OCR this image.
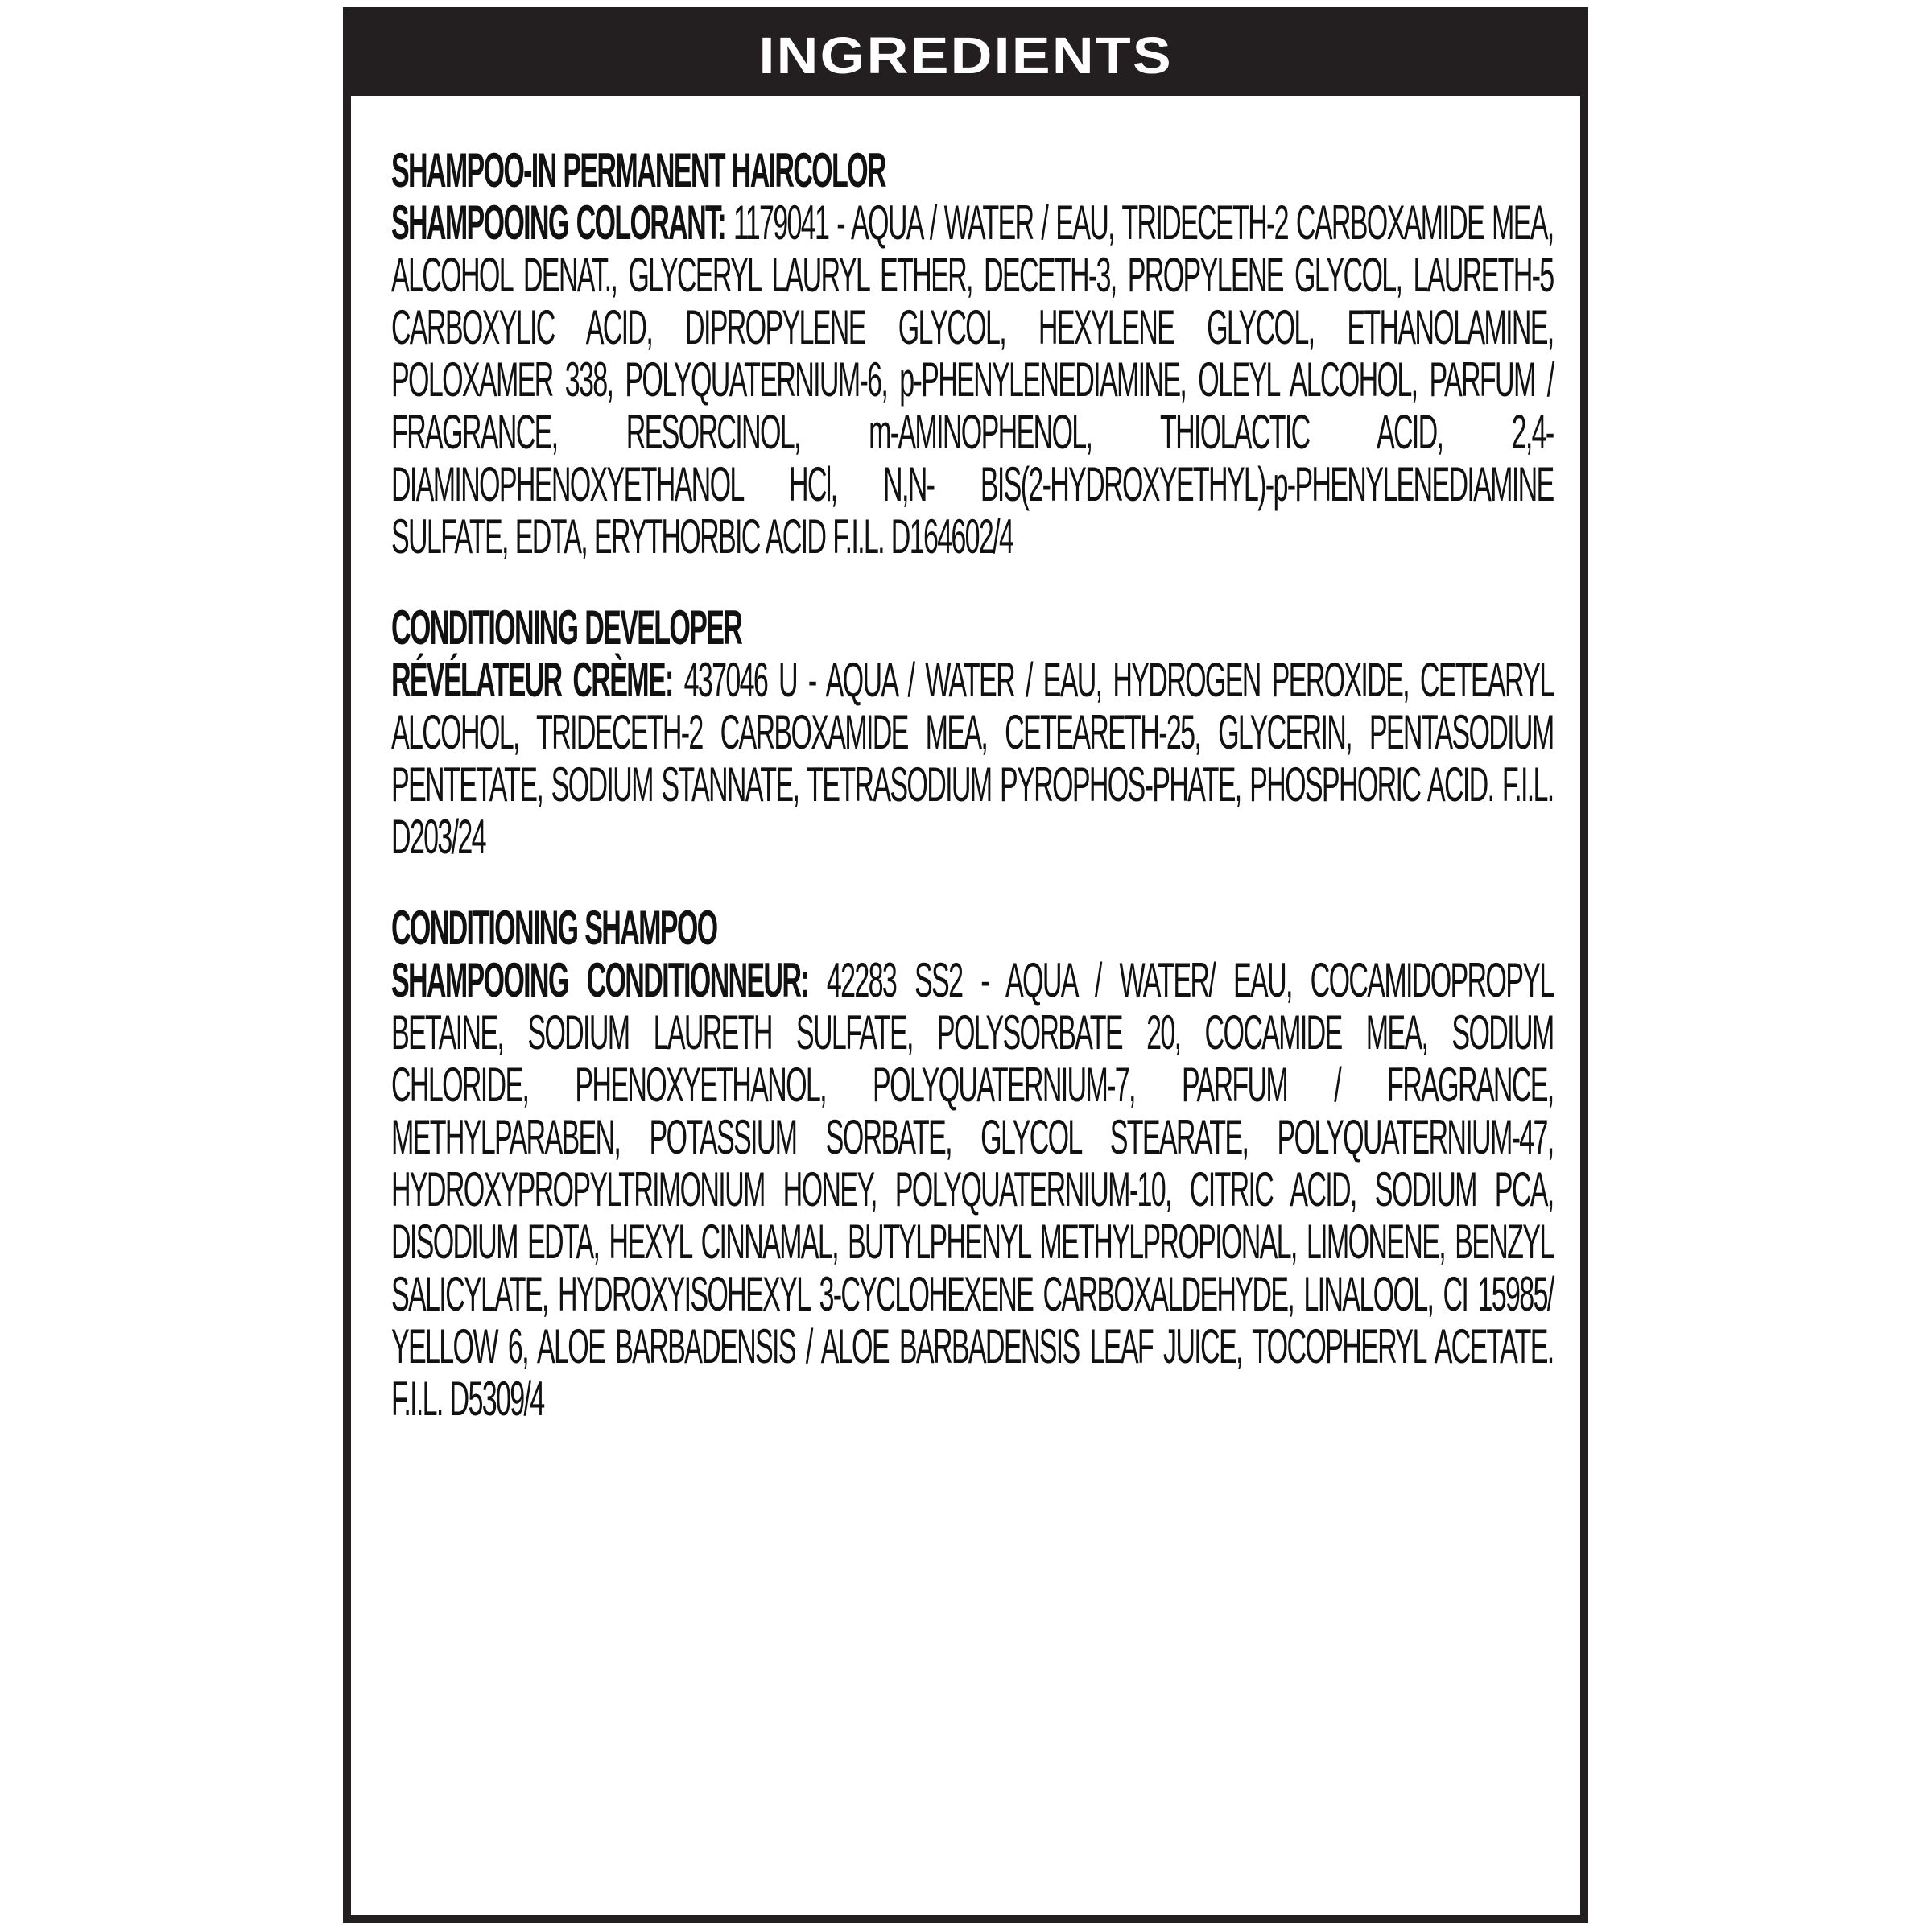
INGREDIENTS
SHAMPOO-IN PERMANENT HAIRCOLOR
SHAMPOOING COLORANT: 1179041 - AQUA / WATER / EAU, TRIDECETH-2 CARBOXAMIDE MEA, ALCOHOL DENAT., GLYCERYL LAURYL ETHER, DECETH-3, PROPYLENE GLYCOL, LAURETH-5 CARBOXYLIC ACID, DIPROPYLENE GLYCOL, HEXYLENE GLYCOL, ETHANOLAMINE, POLOXAMER 338, POLYQUATERNIUM-6, p-PHENYLENEDIAMINE, OLEYL ALCOHOL, PARFUM / FRAGRANCE, RESORCINOL, m-AMINOPHENOL, THIOLACTIC ACID, 2,4-DIAMINOPHENOXYETHANOL HCl, N,N- BIS(2-HYDROXYETHYL)-p-PHENYLENEDIAMINE SULFATE, EDTA, ERYTHORBIC ACID F.I.L. D164602/4
CONDITIONING DEVELOPER
RÉVÉLATEUR CRÈME: 437046 U - AQUA / WATER / EAU, HYDROGEN PEROXIDE, CETEARYL ALCOHOL, TRIDECETH-2 CARBOXAMIDE MEA, CETEARETH-25, GLYCERIN, PENTASODIUM PENTETATE, SODIUM STANNATE, TETRASODIUM PYROPHOS-PHATE, PHOSPHORIC ACID. F.I.L. D203/24
CONDITIONING SHAMPOO
SHAMPOOING CONDITIONNEUR: 42283 SS2 - AQUA / WATER/ EAU, COCAMIDOPROPYL BETAINE, SODIUM LAURETH SULFATE, POLYSORBATE 20, COCAMIDE MEA, SODIUM CHLORIDE, PHENOXYETHANOL, POLYQUATERNIUM-7, PARFUM / FRAGRANCE, METHYLPARABEN, POTASSIUM SORBATE, GLYCOL STEARATE, POLYQUATERNIUM-47, HYDROXYPROPYLTRIMONIUM HONEY, POLYQUATERNIUM-10, CITRIC ACID, SODIUM PCA, DISODIUM EDTA, HEXYL CINNAMAL, BUTYLPHENYL METHYLPROPIONAL, LIMONENE, BENZYL SALICYLATE, HYDROXYISOHEXYL 3-CYCLOHEXENE CARBOXALDEHYDE, LINALOOL, CI 15985/ YELLOW 6, ALOE BARBADENSIS / ALOE BARBADENSIS LEAF JUICE, TOCOPHERYL ACETATE. F.I.L. D5309/4
